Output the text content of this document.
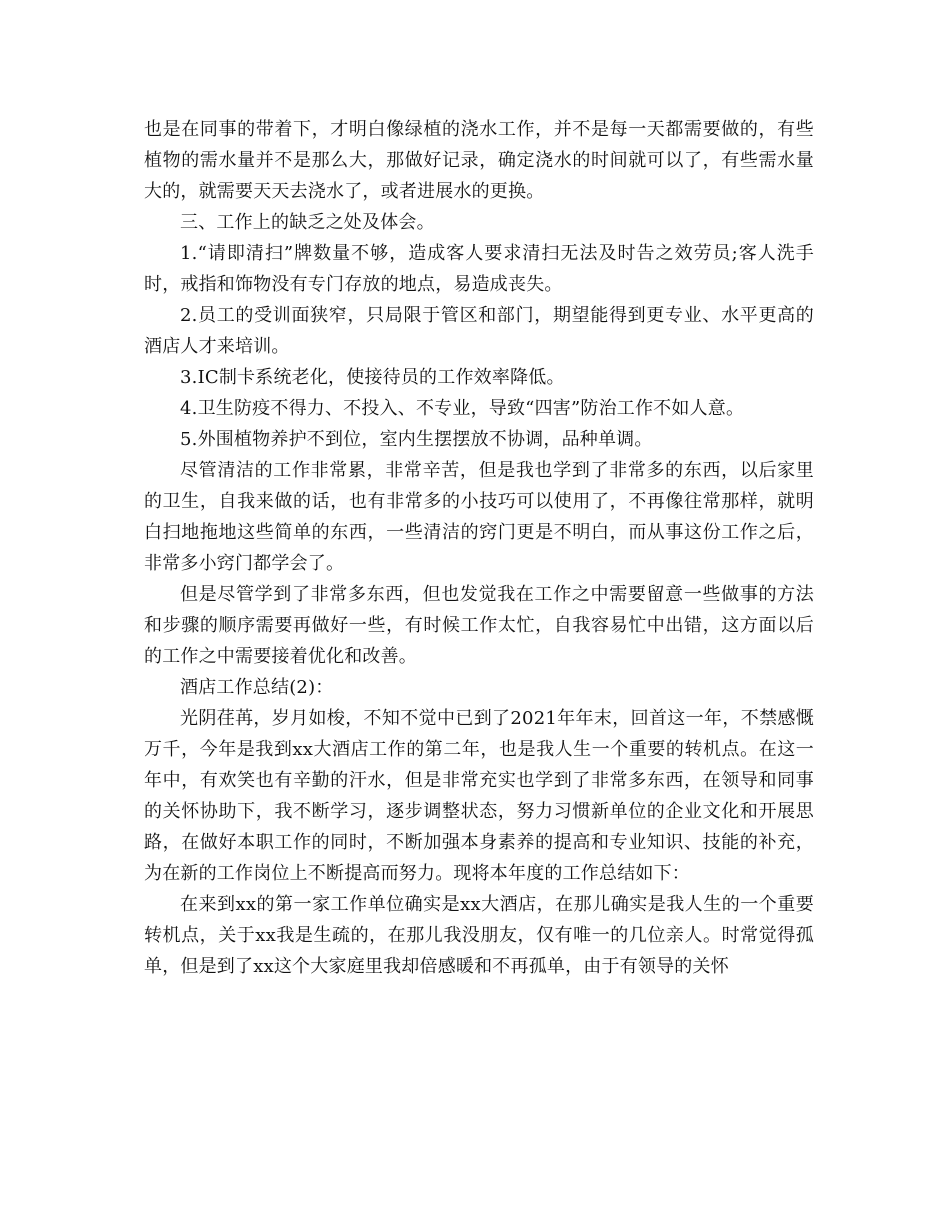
也是在同事的带着下，才明白像绿植的浇水工作，并不是每一天都需要做的，有些植物的需水量并不是那么大，那做好记录，确定浇水的时间就可以了，有些需水量大的，就需要天天去浇水了，或者进展水的更换。

三、工作上的缺乏之处及体会。

1.“请即清扫”牌数量不够，造成客人要求清扫无法及时告之效劳员;客人洗手时，戒指和饰物没有专门存放的地点，易造成丧失。

2.员工的受训面狭窄，只局限于管区和部门，期望能得到更专业、水平更高的酒店人才来培训。

3.IC制卡系统老化，使接待员的工作效率降低。

4.卫生防疫不得力、不投入、不专业，导致“四害”防治工作不如人意。

5.外围植物养护不到位，室内生摆摆放不协调，品种单调。

尽管清洁的工作非常累，非常辛苦，但是我也学到了非常多的东西，以后家里的卫生，自我来做的话，也有非常多的小技巧可以使用了，不再像往常那样，就明白扫地拖地这些简单的东西，一些清洁的窍门更是不明白，而从事这份工作之后，非常多小窍门都学会了。

但是尽管学到了非常多东西，但也发觉我在工作之中需要留意一些做事的方法和步骤的顺序需要再做好一些，有时候工作太忙，自我容易忙中出错，这方面以后的工作之中需要接着优化和改善。

酒店工作总结(2)：

光阴荏苒，岁月如梭，不知不觉中已到了2021年年末，回首这一年，不禁感慨万千，今年是我到xx大酒店工作的第二年，也是我人生一个重要的转机点。在这一年中，有欢笑也有辛勤的汗水，但是非常充实也学到了非常多东西，在领导和同事的关怀协助下，我不断学习，逐步调整状态，努力习惯新单位的企业文化和开展思路，在做好本职工作的同时，不断加强本身素养的提高和专业知识、技能的补充，为在新的工作岗位上不断提高而努力。现将本年度的工作总结如下：

在来到xx的第一家工作单位确实是xx大酒店，在那儿确实是我人生的一个重要转机点，关于xx我是生疏的，在那儿我没朋友，仅有唯一的几位亲人。时常觉得孤单，但是到了xx这个大家庭里我却倍感暖和不再孤单，由于有领导的关怀
